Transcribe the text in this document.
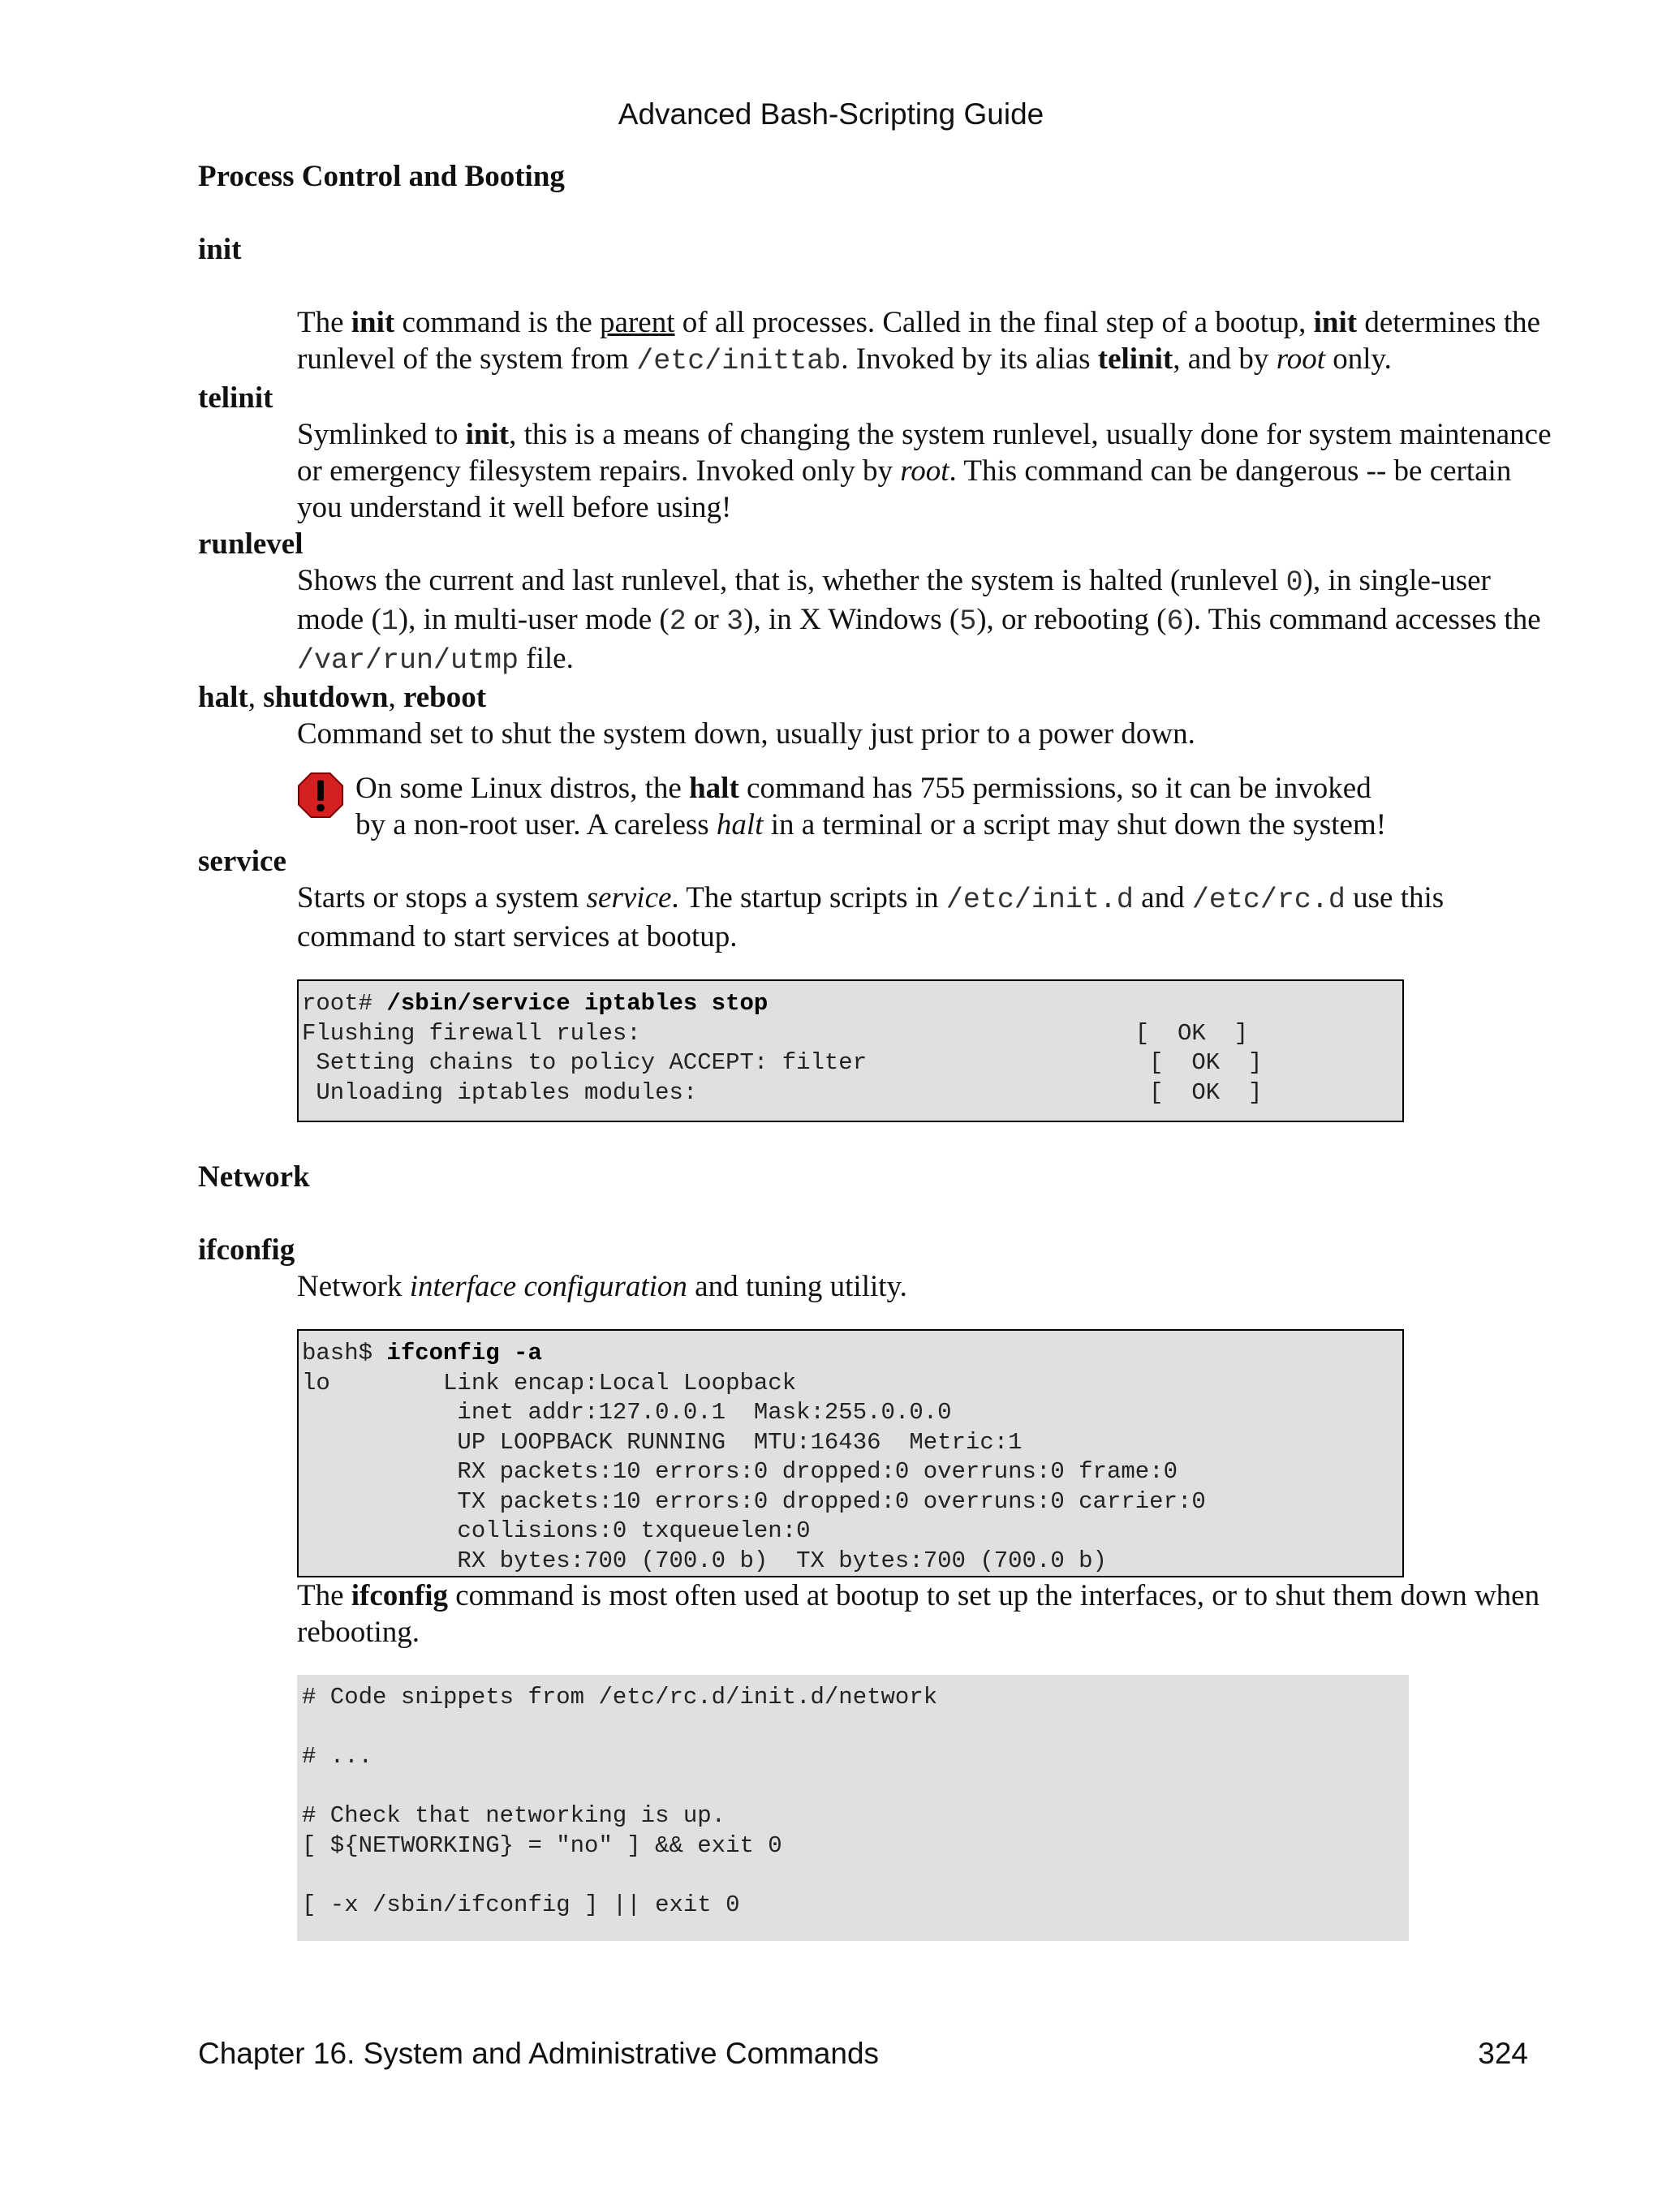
Advanced Bash-Scripting Guide

Process Control and Booting

init

The init command is the parent of all processes. Called in the final step of a bootup, init determines the runlevel of the system from /etc/inittab. Invoked by its alias telinit, and by root only.

telinit

Symlinked to init, this is a means of changing the system runlevel, usually done for system maintenance or emergency filesystem repairs. Invoked only by root. This command can be dangerous -- be certain you understand it well before using!

runlevel

Shows the current and last runlevel, that is, whether the system is halted (runlevel 0), in single-user mode (1), in multi-user mode (2 or 3), in X Windows (5), or rebooting (6). This command accesses the /var/run/utmp file.

halt, shutdown, reboot

Command set to shut the system down, usually just prior to a power down.

On some Linux distros, the halt command has 755 permissions, so it can be invoked by a non-root user. A careless halt in a terminal or a script may shut down the system!

service

Starts or stops a system service. The startup scripts in /etc/init.d and /etc/rc.d use this command to start services at bootup.

root# /sbin/service iptables stop
Flushing firewall rules:                                   [  OK  ]
Setting chains to policy ACCEPT: filter                    [  OK  ]
Unloading iptables modules:                                [  OK  ]

Network

ifconfig

Network interface configuration and tuning utility.

bash$ ifconfig -a
lo        Link encap:Local Loopback
inet addr:127.0.0.1  Mask:255.0.0.0
UP LOOPBACK RUNNING  MTU:16436  Metric:1
RX packets:10 errors:0 dropped:0 overruns:0 frame:0
TX packets:10 errors:0 dropped:0 overruns:0 carrier:0
collisions:0 txqueuelen:0
RX bytes:700 (700.0 b)  TX bytes:700 (700.0 b)

The ifconfig command is most often used at bootup to set up the interfaces, or to shut them down when rebooting.

# Code snippets from /etc/rc.d/init.d/network

# ...

# Check that networking is up.
[ ${NETWORKING} = "no" ] && exit 0

[ -x /sbin/ifconfig ] || exit 0
Chapter 16. System and Administrative Commands	324
